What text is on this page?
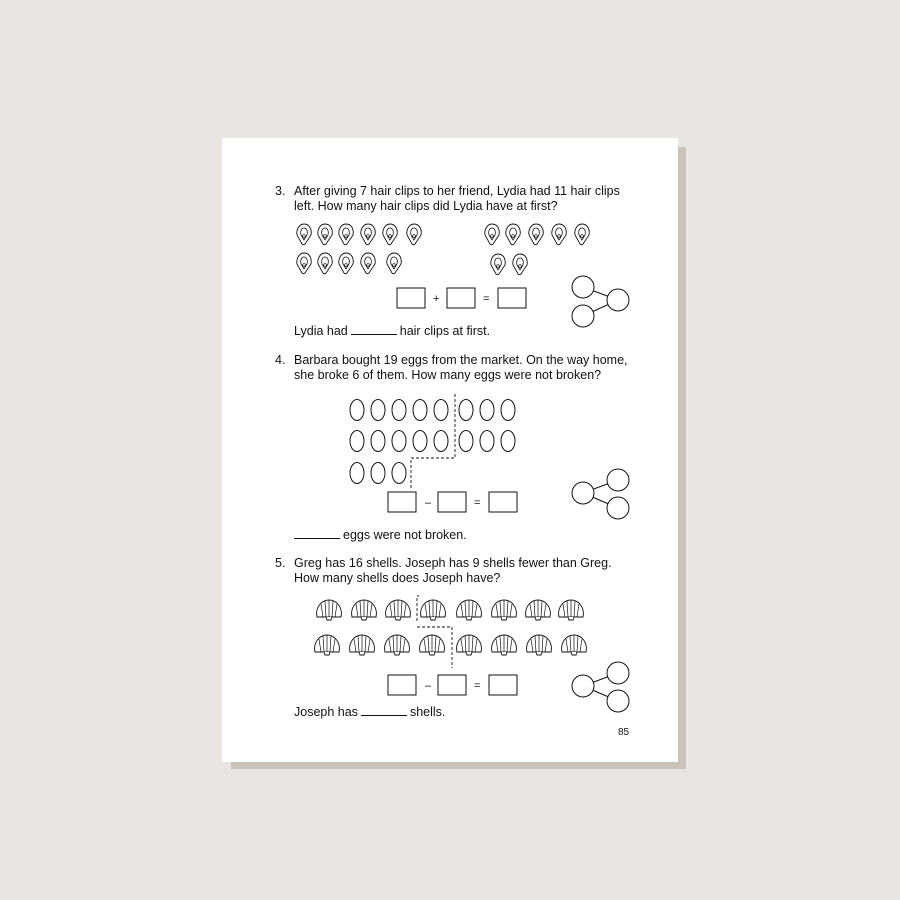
3. After giving 7 hair clips to her friend, Lydia had 11 hair clips left. How many hair clips did Lydia have at first?
4. Barbara bought 19 eggs from the market. On the way home, she broke 6 of them. How many eggs were not broken?
5. Greg has 16 shells. Joseph has 9 shells fewer than Greg. How many shells does Joseph have?
+	=
–	=
–	=
Lydia had	hair clips at first.
eggs were not broken.
Joseph has	shells.
85
